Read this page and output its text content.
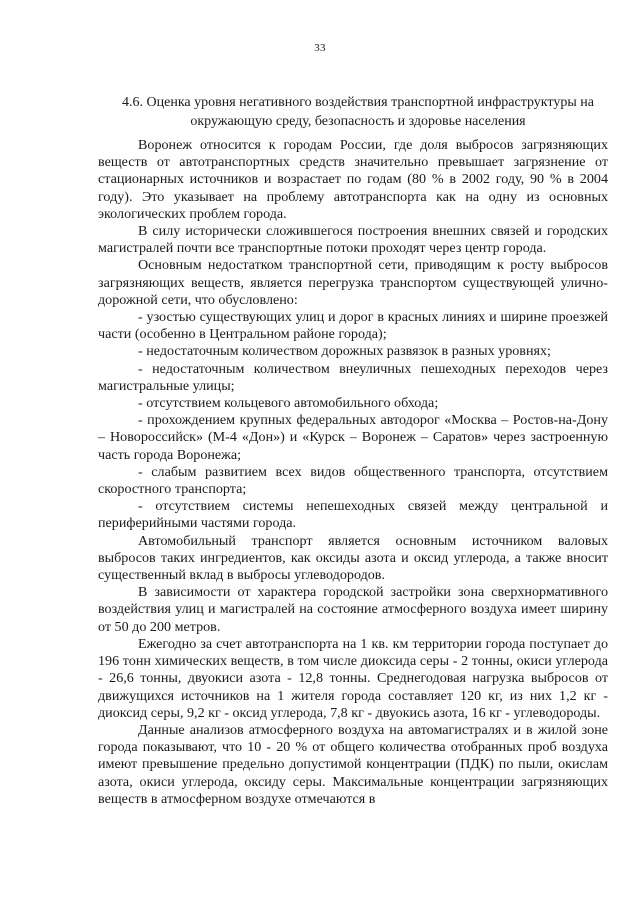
33
4.6. Оценка уровня негативного воздействия транспортной инфраструктуры на окружающую среду, безопасность и здоровье населения

Воронеж относится к городам России, где доля выбросов загрязняющих веществ от автотранспортных средств значительно превышает загрязнение от стационарных источников и возрастает по годам (80 % в 2002 году, 90 % в 2004 году). Это указывает на проблему автотранспорта как на одну из основных экологических проблем города.

В силу исторически сложившегося построения внешних связей и городских магистралей почти все транспортные потоки проходят через центр города.

Основным недостатком транспортной сети, приводящим к росту выбросов загрязняющих веществ, является перегрузка транспортом существующей улично-дорожной сети, что обусловлено:

- узостью существующих улиц и дорог в красных линиях и ширине проезжей части (особенно в Центральном районе города);

- недостаточным количеством дорожных развязок в разных уровнях;

- недостаточным количеством внеуличных пешеходных переходов через магистральные улицы;

- отсутствием кольцевого автомобильного обхода;

- прохождением крупных федеральных автодорог «Москва – Ростов-на-Дону – Новороссийск» (М-4 «Дон») и «Курск – Воронеж – Саратов» через застроенную часть города Воронежа;

- слабым развитием всех видов общественного транспорта, отсутствием скоростного транспорта;

- отсутствием системы непешеходных связей между центральной и периферийными частями города.

Автомобильный транспорт является основным источником валовых выбросов таких ингредиентов, как оксиды азота и оксид углерода, а также вносит существенный вклад в выбросы углеводородов.

В зависимости от характера городской застройки зона сверхнормативного воздействия улиц и магистралей на состояние атмосферного воздуха имеет ширину от 50 до 200 метров.

Ежегодно за счет автотранспорта на 1 кв. км территории города поступает до 196 тонн химических веществ, в том числе диоксида серы - 2 тонны, окиси углерода - 26,6 тонны, двуокиси азота - 12,8 тонны. Среднегодовая нагрузка выбросов от движущихся источников на 1 жителя города составляет 120 кг, из них 1,2 кг - диоксид серы, 9,2 кг - оксид углерода, 7,8 кг - двуокись азота, 16 кг - углеводороды.

Данные анализов атмосферного воздуха на автомагистралях и в жилой зоне города показывают, что 10 - 20 % от общего количества отобранных проб воздуха имеют превышение предельно допустимой концентрации (ПДК) по пыли, окислам азота, окиси углерода, оксиду серы. Максимальные концентрации загрязняющих веществ в атмосферном воздухе отмечаются в
